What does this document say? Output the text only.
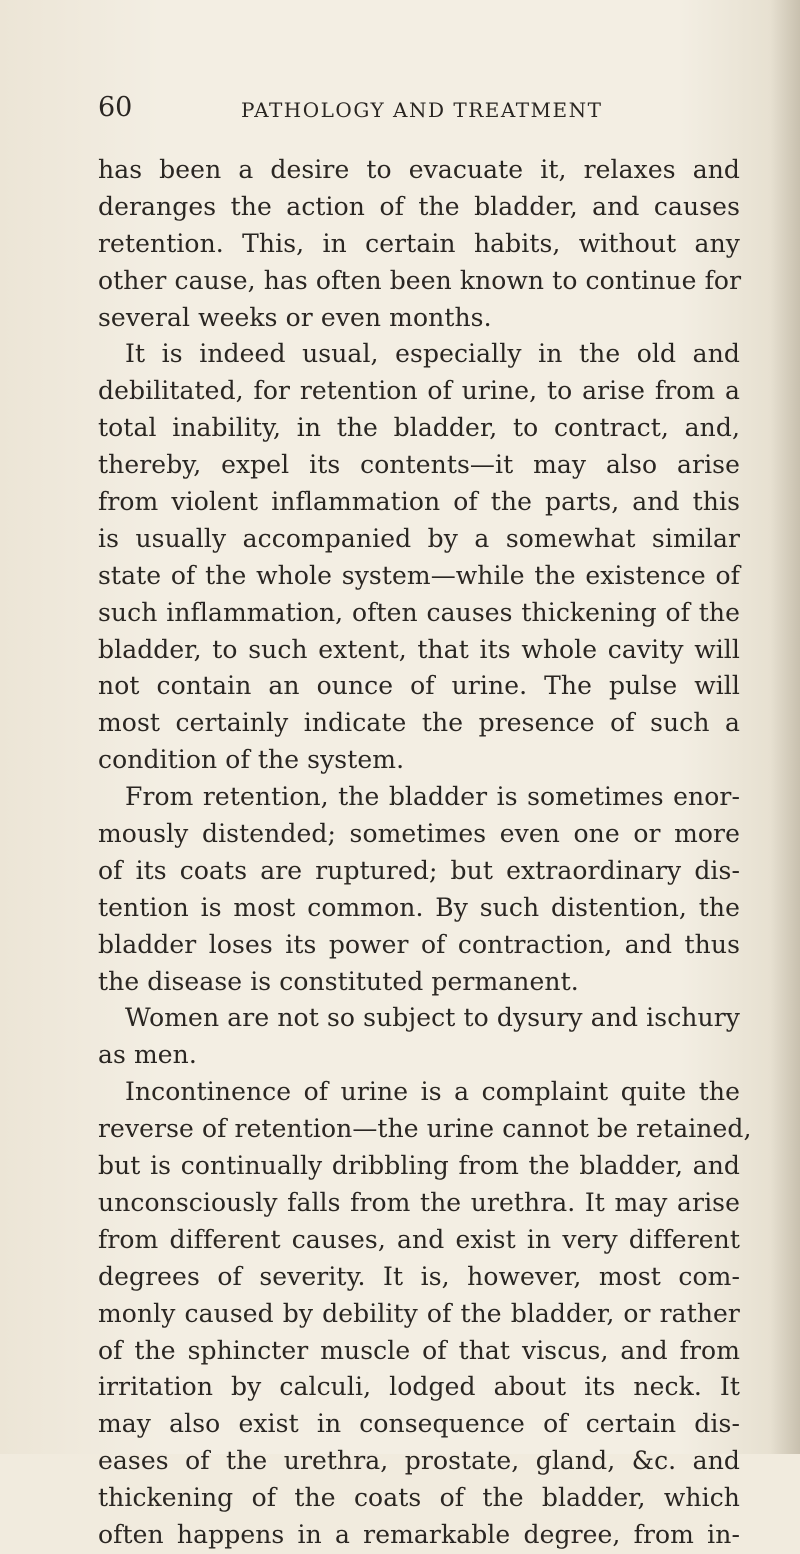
60	PATHOLOGY AND TREATMENT
has been a desire to evacuate it, relaxes and
deranges the action of the bladder, and causes
retention. This, in certain habits, without any
other cause, has often been known to continue for
several weeks or even months.
It is indeed usual, especially in the old and
debilitated, for retention of urine, to arise from a
total inability, in the bladder, to contract, and,
thereby, expel its contents—it may also arise
from violent inflammation of the parts, and this
is usually accompanied by a somewhat similar
state of the whole system—while the existence of
such inflammation, often causes thickening of the
bladder, to such extent, that its whole cavity will
not contain an ounce of urine. The pulse will
most certainly indicate the presence of such a
condition of the system.
From retention, the bladder is sometimes enor-
mously distended; sometimes even one or more
of its coats are ruptured; but extraordinary dis-
tention is most common. By such distention, the
bladder loses its power of contraction, and thus
the disease is constituted permanent.
Women are not so subject to dysury and ischury
as men.
Incontinence of urine is a complaint quite the
reverse of retention—the urine cannot be retained,
but is continually dribbling from the bladder, and
unconsciously falls from the urethra. It may arise
from different causes, and exist in very different
degrees of severity. It is, however, most com-
monly caused by debility of the bladder, or rather
of the sphincter muscle of that viscus, and from
irritation by calculi, lodged about its neck. It
may also exist in consequence of certain dis-
eases of the urethra, prostate, gland, &c. and
thickening of the coats of the bladder, which
often happens in a remarkable degree, from in-
